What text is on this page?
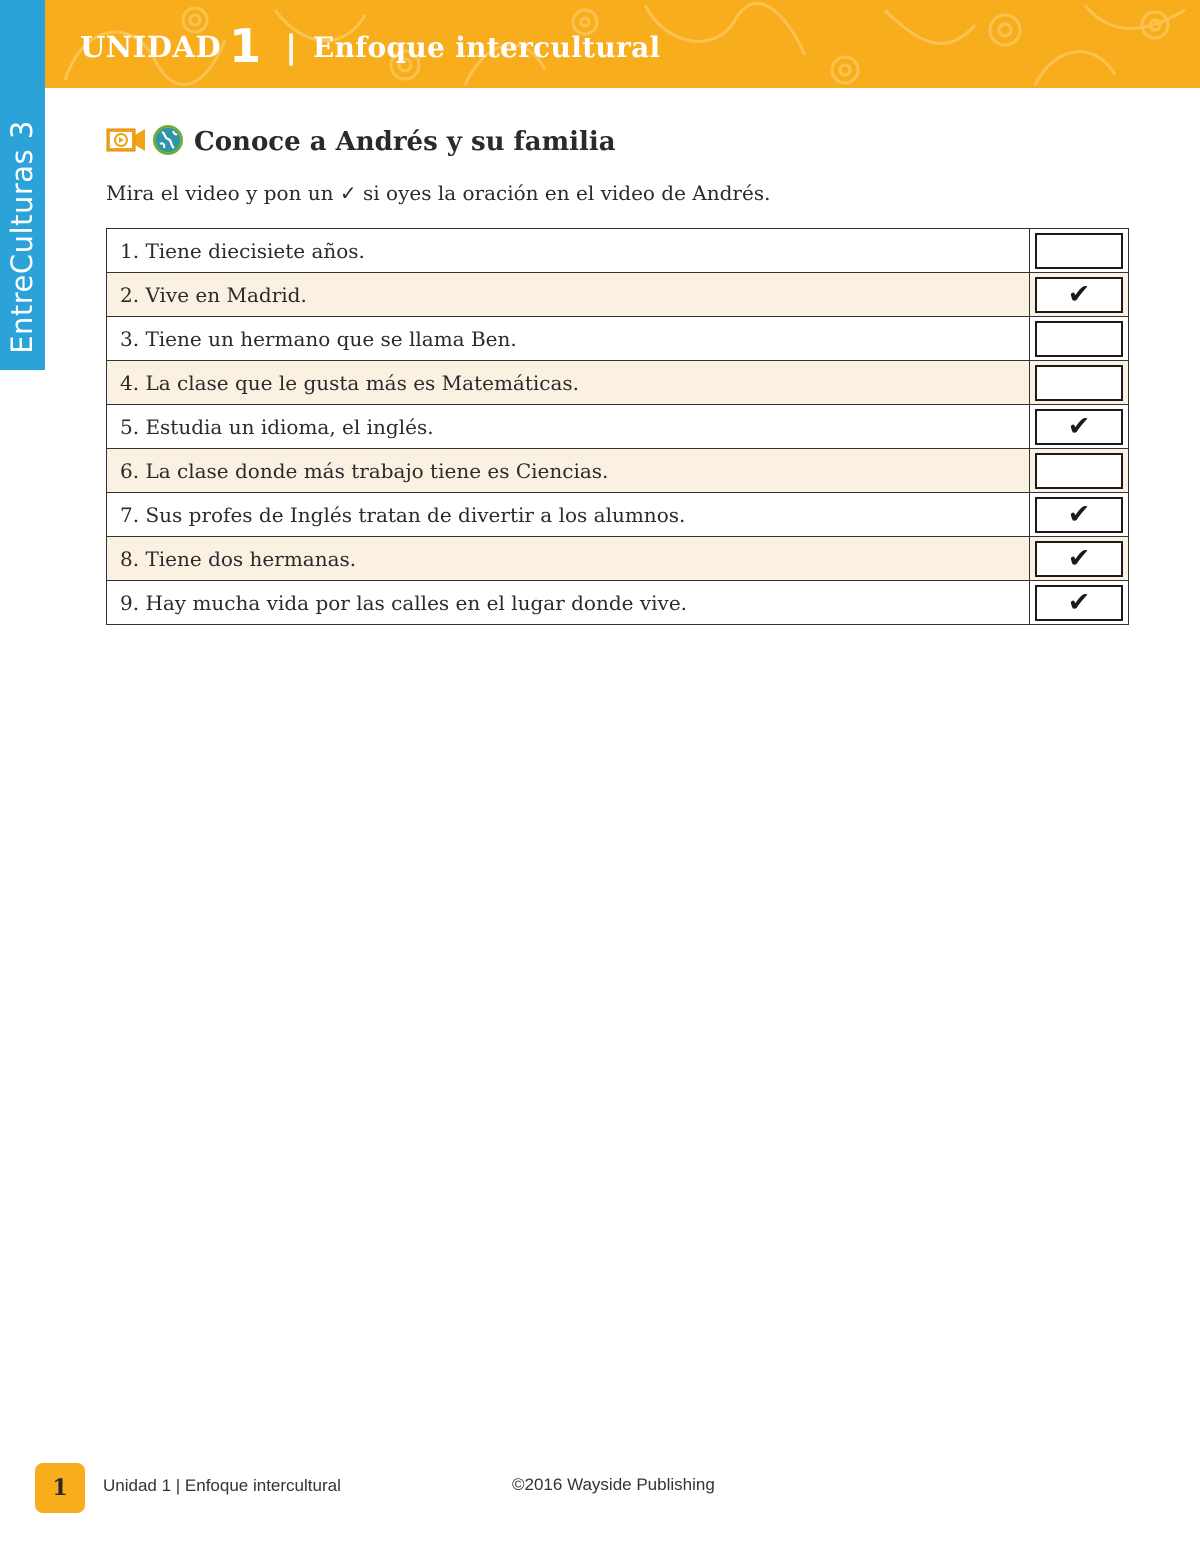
EntreCulturas 3
UNIDAD 1 | Enfoque intercultural
Conoce a Andrés y su familia
Mira el video y pon un ✓ si oyes la oración en el video de Andrés.
1. Tiene diecisiete años.	

2. Vive en Madrid.	✔

3. Tiene un hermano que se llama Ben.	

4. La clase que le gusta más es Matemáticas.	

5. Estudia un idioma, el inglés.	✔

6. La clase donde más trabajo tiene es Ciencias.	

7. Sus profes de Inglés tratan de divertir a los alumnos.	✔

8. Tiene dos hermanas.	✔

9. Hay mucha vida por las calles en el lugar donde vive.	✔
1	Unidad 1 | Enfoque intercultural	©2016 Wayside Publishing
